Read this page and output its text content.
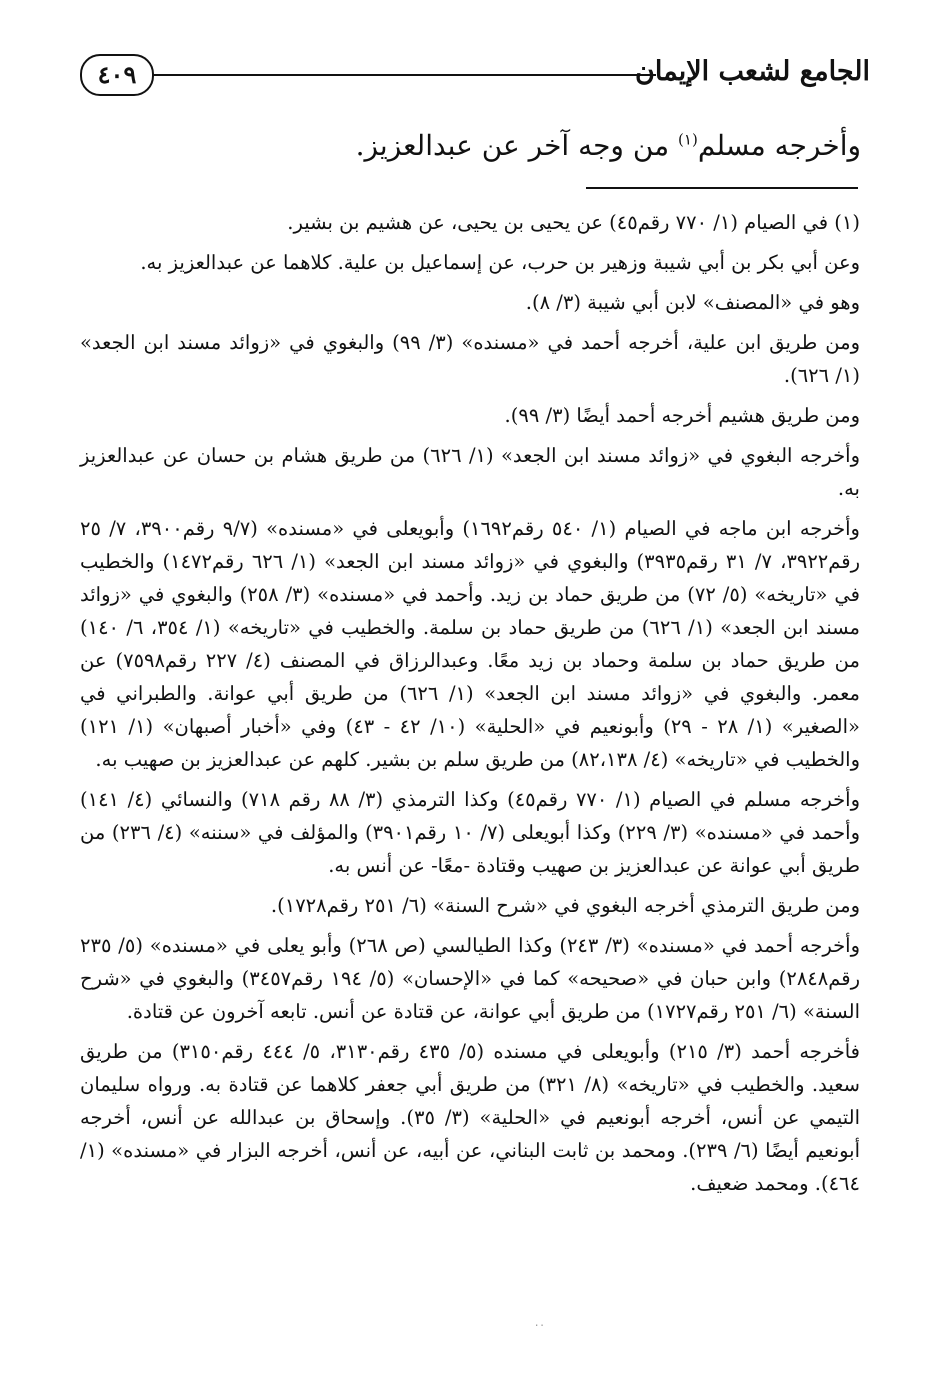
الجامع لشعب الإيمان
٤٠٩
وأخرجه مسلم$^{(١)}$ من وجه آخر عن عبدالعزيز.

(١) في الصيام (١/ ٧٧٠ رقم٤٥) عن يحيى بن يحيى، عن هشيم بن بشير.

وعن أبي بكر بن أبي شيبة وزهير بن حرب، عن إسماعيل بن علية. كلاهما عن عبدالعزيز به.

وهو في «المصنف» لابن أبي شيبة (٣/ ٨).

ومن طريق ابن علية، أخرجه أحمد في «مسنده» (٣/ ٩٩) والبغوي في «زوائد مسند ابن الجعد» (١/ ٦٢٦).

ومن طريق هشيم أخرجه أحمد أيضًا (٣/ ٩٩).

وأخرجه البغوي في «زوائد مسند ابن الجعد» (١/ ٦٢٦) من طريق هشام بن حسان عن عبدالعزيز به.

وأخرجه ابن ماجه في الصيام (١/ ٥٤٠ رقم١٦٩٢) وأبويعلى في «مسنده» (٩/٧ رقم٣٩٠٠، ٧/ ٢٥ رقم٣٩٢٢، ٧/ ٣١ رقم٣٩٣٥) والبغوي في «زوائد مسند ابن الجعد» (١/ ٦٢٦ رقم١٤٧٢) والخطيب في «تاريخه» (٥/ ٧٢) من طريق حماد بن زيد. وأحمد في «مسنده» (٣/ ٢٥٨) والبغوي في «زوائد مسند ابن الجعد» (١/ ٦٢٦) من طريق حماد بن سلمة. والخطيب في «تاريخه» (١/ ٣٥٤، ٦/ ١٤٠) من طريق حماد بن سلمة وحماد بن زيد معًا. وعبدالرزاق في المصنف (٤/ ٢٢٧ رقم٧٥٩٨) عن معمر. والبغوي في «زوائد مسند ابن الجعد» (١/ ٦٢٦) من طريق أبي عوانة. والطبراني في «الصغير» (١/ ٢٨ - ٢٩) وأبونعيم في «الحلية» (١٠/ ٤٢ - ٤٣) وفي «أخبار أصبهان» (١/ ١٢١) والخطيب في «تاريخه» (٤/ ٨٢،١٣٨) من طريق سلم بن بشير. كلهم عن عبدالعزيز بن صهيب به.

وأخرجه مسلم في الصيام (١/ ٧٧٠ رقم٤٥) وكذا الترمذي (٣/ ٨٨ رقم ٧١٨) والنسائي (٤/ ١٤١) وأحمد في «مسنده» (٣/ ٢٢٩) وكذا أبويعلى (٧/ ١٠ رقم٣٩٠١) والمؤلف في «سننه» (٤/ ٢٣٦) من طريق أبي عوانة عن عبدالعزيز بن صهيب وقتادة -معًا- عن أنس به.

ومن طريق الترمذي أخرجه البغوي في «شرح السنة» (٦/ ٢٥١ رقم١٧٢٨).

وأخرجه أحمد في «مسنده» (٣/ ٢٤٣) وكذا الطيالسي (ص ٢٦٨) وأبو يعلى في «مسنده» (٥/ ٢٣٥ رقم٢٨٤٨) وابن حبان في «صحيحه» كما في «الإحسان» (٥/ ١٩٤ رقم٣٤٥٧) والبغوي في «شرح السنة» (٦/ ٢٥١ رقم١٧٢٧) من طريق أبي عوانة، عن قتادة عن أنس. تابعه آخرون عن قتادة.

فأخرجه أحمد (٣/ ٢١٥) وأبويعلى في مسنده (٥/ ٤٣٥ رقم٣١٣٠، ٥/ ٤٤٤ رقم٣١٥٠) من طريق سعيد. والخطيب في «تاريخه» (٨/ ٣٢١) من طريق أبي جعفر كلاهما عن قتادة به. ورواه سليمان التيمي عن أنس، أخرجه أبونعيم في «الحلية» (٣/ ٣٥). وإسحاق بن عبدالله عن أنس، أخرجه أبونعيم أيضًا (٦/ ٢٣٩). ومحمد بن ثابت البناني، عن أبيه، عن أنس، أخرجه البزار في «مسنده» (١/ ٤٦٤). ومحمد ضعيف.

٠٠
